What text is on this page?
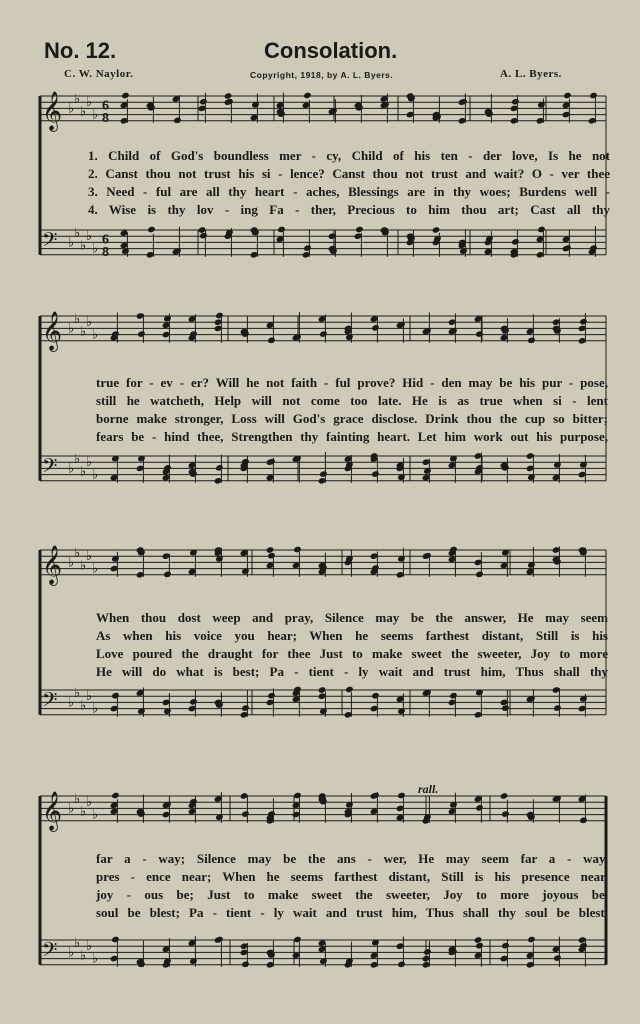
No. 12.	Consolation.
C. W. Naylor.	Copyright, 1918, by A. L. Byers.	A. L. Byers.
𝄞 ♭
♭
♭
♭
♭
6
8
𝄢 ♭
♭
♭
♭
♭
6
8
1. Child of God's boundless mer - cy, Child of his ten - der love, Is he not
2. Canst thou not trust his si - lence? Canst thou not trust and wait? O - ver thee
3. Need - ful are all thy heart - aches, Blessings are in thy woes; Burdens well -
4. Wise is thy lov - ing Fa - ther, Precious to him thou art; Cast all thy
𝄞 ♭
♭
♭
♭
♭
𝄢 ♭
♭
♭
♭
♭
true for - ev - er? Will he not faith - ful prove? Hid - den may be his pur - pose,
still he watcheth, Help will not come too late. He is as true when si - lent
borne make stronger, Loss will God's grace disclose. Drink thou the cup so bitter;
fears be - hind thee, Strengthen thy fainting heart. Let him work out his purpose,
𝄞 ♭
♭
♭
♭
♭
𝄢 ♭
♭
♭
♭
♭
When thou dost weep and pray, Silence may be the answer, He may seem
As when his voice you hear; When he seems farthest distant, Still is his
Love poured the draught for thee Just to make sweet the sweeter, Joy to more
He will do what is best; Pa - tient - ly wait and trust him, Thus shall thy
rall.
𝄞 ♭
♭
♭
♭
♭
𝄢 ♭
♭
♭
♭
♭
far a - way; Silence may be the ans - wer, He may seem far a - way.
pres - ence near; When he seems farthest distant, Still is his presence near.
joy - ous be; Just to make sweet the sweeter, Joy to more joyous be.
soul be blest; Pa - tient - ly wait and trust him, Thus shall thy soul be blest.
